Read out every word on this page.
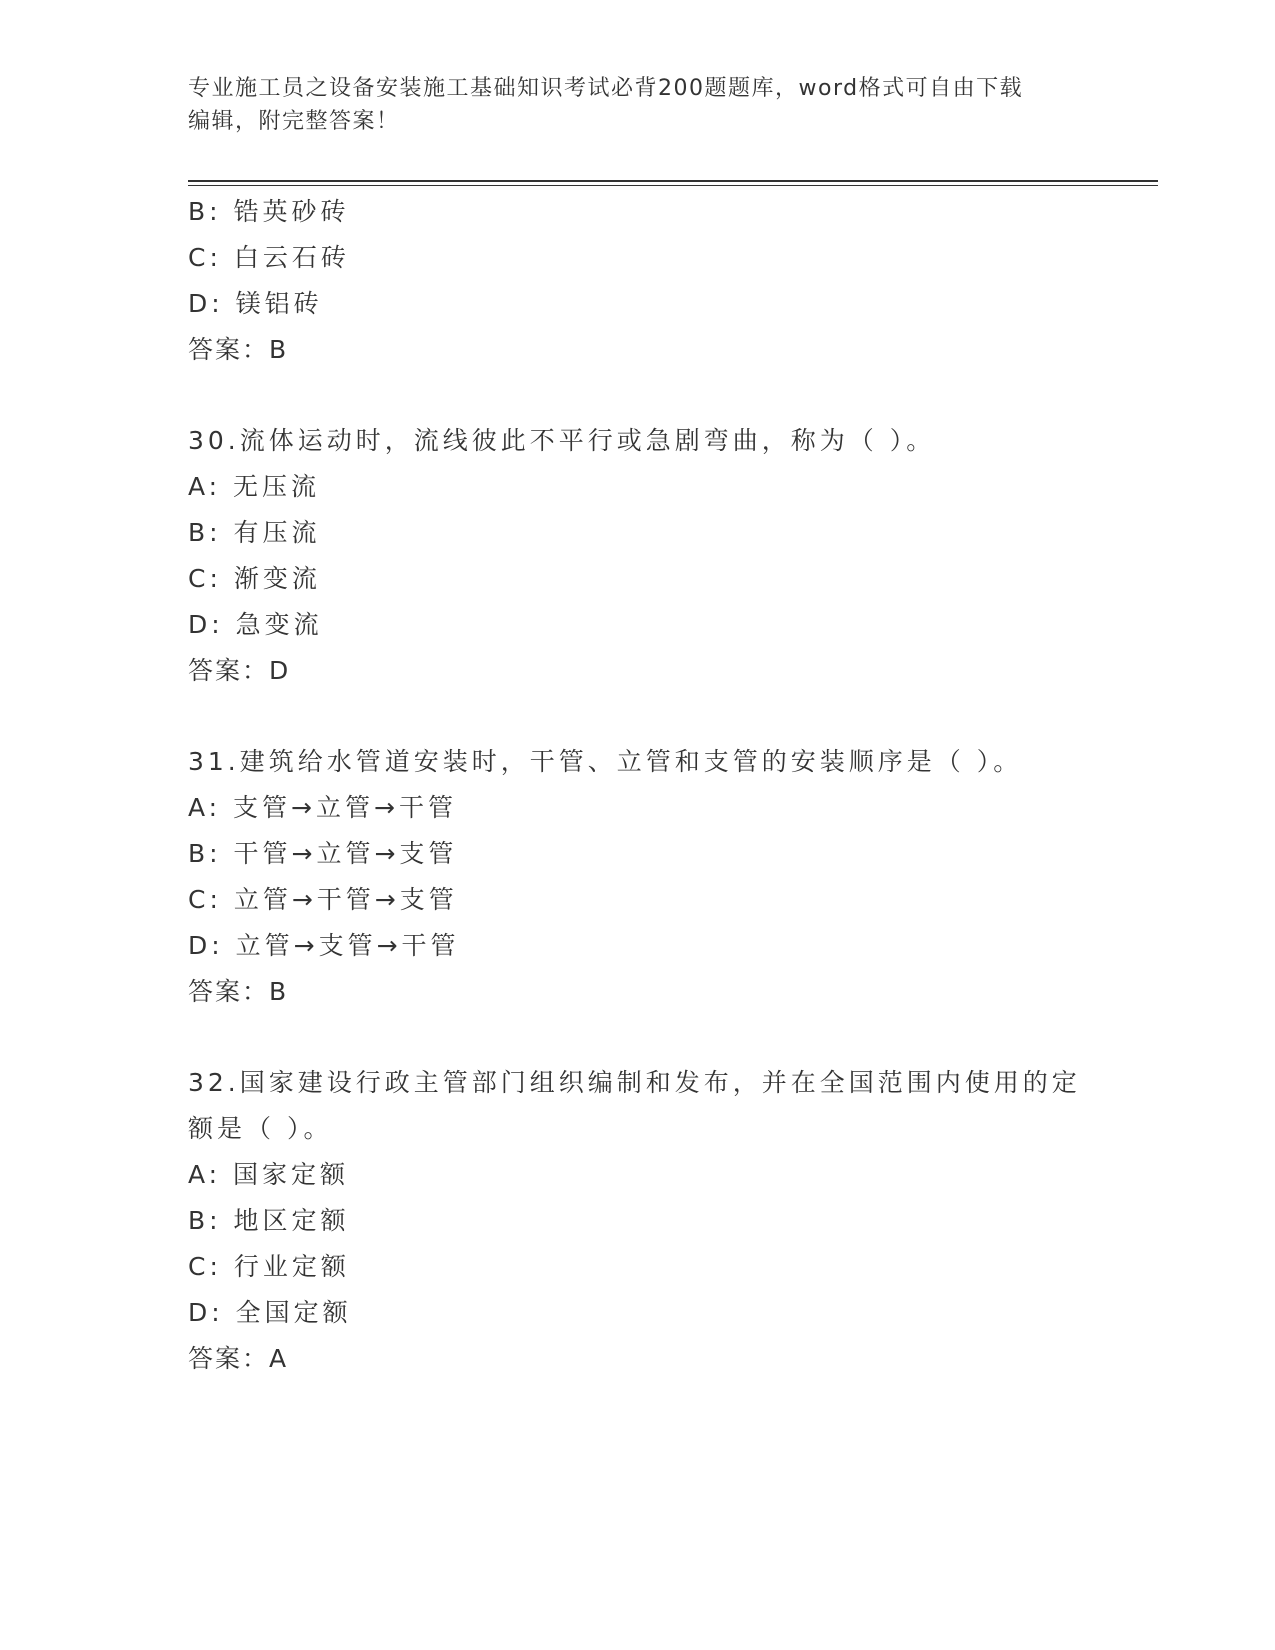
专业施工员之设备安装施工基础知识考试必背200题题库，word格式可自由下载
编辑，附完整答案！
B: 锆英砂砖
C: 白云石砖
D: 镁铝砖
答案：B
30.流体运动时，流线彼此不平行或急剧弯曲，称为（ ）。
A: 无压流
B: 有压流
C: 渐变流
D: 急变流
答案：D
31.建筑给水管道安装时，干管、立管和支管的安装顺序是（ ）。
A: 支管→立管→干管
B: 干管→立管→支管
C: 立管→干管→支管
D: 立管→支管→干管
答案：B
32.国家建设行政主管部门组织编制和发布，并在全国范围内使用的定
额是（ ）。
A: 国家定额
B: 地区定额
C: 行业定额
D: 全国定额
答案：A
